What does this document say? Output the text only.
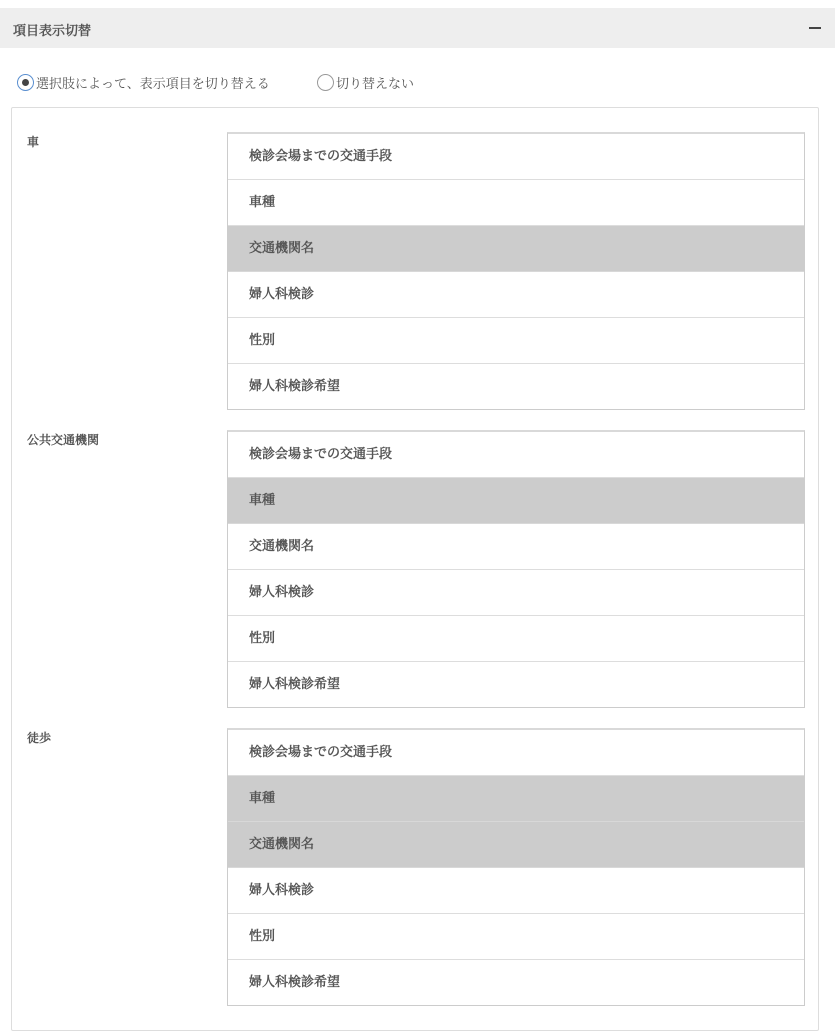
項目表示切替
選択肢によって、表示項目を切り替える	切り替えない
車
検診会場までの交通手段
車種
交通機関名
婦人科検診
性別
婦人科検診希望
公共交通機関
検診会場までの交通手段
車種
交通機関名
婦人科検診
性別
婦人科検診希望
徒歩
検診会場までの交通手段
車種
交通機関名
婦人科検診
性別
婦人科検診希望
